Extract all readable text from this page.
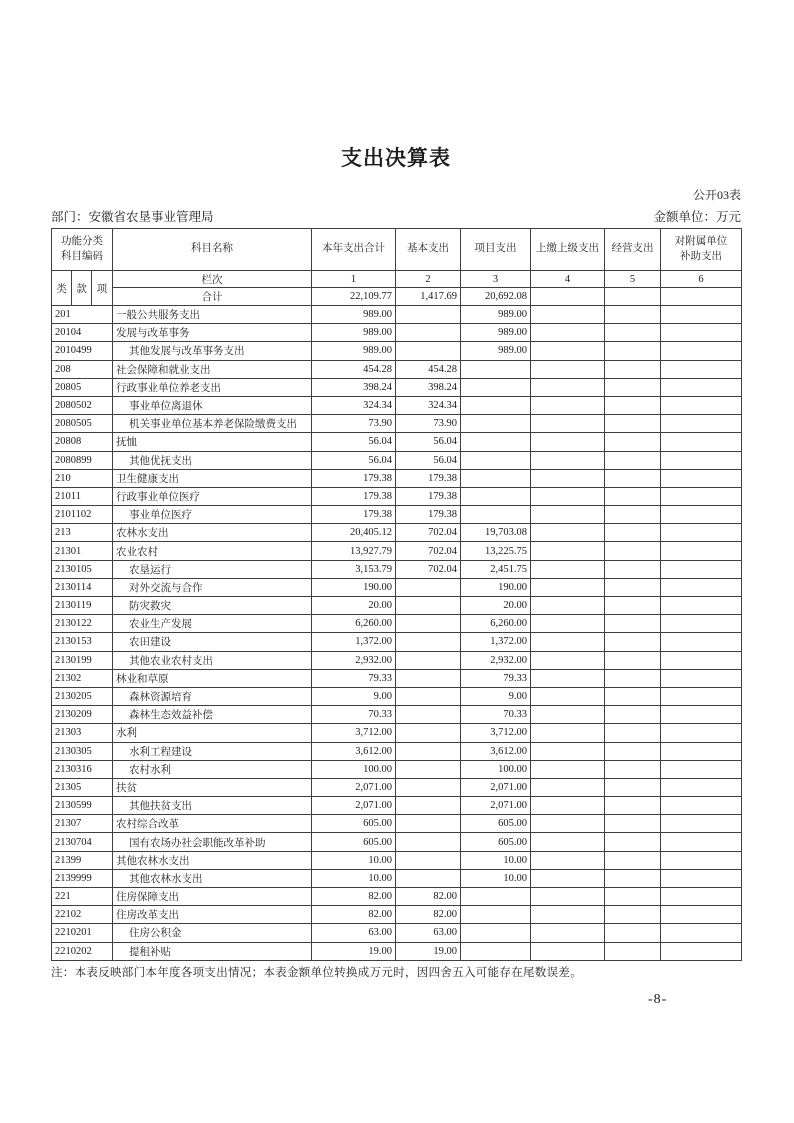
支出决算表
公开03表
部门：安徽省农垦事业管理局	金额单位：万元
功能分类
科目编码			科目名称	本年支出合计	基本支出	项目支出	上缴上级支出	经营支出	对附属单位
补助支出
类	款	项	栏次	1	2	3	4	5	6
			合计	22,109.77	1,417.69	20,692.08			
201			一般公共服务支出	989.00		989.00			
20104			发展与改革事务	989.00		989.00			
2010499			其他发展与改革事务支出	989.00		989.00			
208			社会保障和就业支出	454.28	454.28				
20805			行政事业单位养老支出	398.24	398.24				
2080502			事业单位离退休	324.34	324.34				
2080505			机关事业单位基本养老保险缴费支出	73.90	73.90				
20808			抚恤	56.04	56.04				
2080899			其他优抚支出	56.04	56.04				
210			卫生健康支出	179.38	179.38				
21011			行政事业单位医疗	179.38	179.38				
2101102			事业单位医疗	179.38	179.38				
213			农林水支出	20,405.12	702.04	19,703.08			
21301			农业农村	13,927.79	702.04	13,225.75			
2130105			农垦运行	3,153.79	702.04	2,451.75			
2130114			对外交流与合作	190.00		190.00			
2130119			防灾救灾	20.00		20.00			
2130122			农业生产发展	6,260.00		6,260.00			
2130153			农田建设	1,372.00		1,372.00			
2130199			其他农业农村支出	2,932.00		2,932.00			
21302			林业和草原	79.33		79.33			
2130205			森林资源培育	9.00		9.00			
2130209			森林生态效益补偿	70.33		70.33			
21303			水利	3,712.00		3,712.00			
2130305			水利工程建设	3,612.00		3,612.00			
2130316			农村水利	100.00		100.00			
21305			扶贫	2,071.00		2,071.00			
2130599			其他扶贫支出	2,071.00		2,071.00			
21307			农村综合改革	605.00		605.00			
2130704			国有农场办社会职能改革补助	605.00		605.00			
21399			其他农林水支出	10.00		10.00			
2139999			其他农林水支出	10.00		10.00			
221			住房保障支出	82.00	82.00				
22102			住房改革支出	82.00	82.00				
2210201			住房公积金	63.00	63.00				
2210202			提租补贴	19.00	19.00				
注：本表反映部门本年度各项支出情况；本表金额单位转换成万元时，因四舍五入可能存在尾数误差。
-8-
